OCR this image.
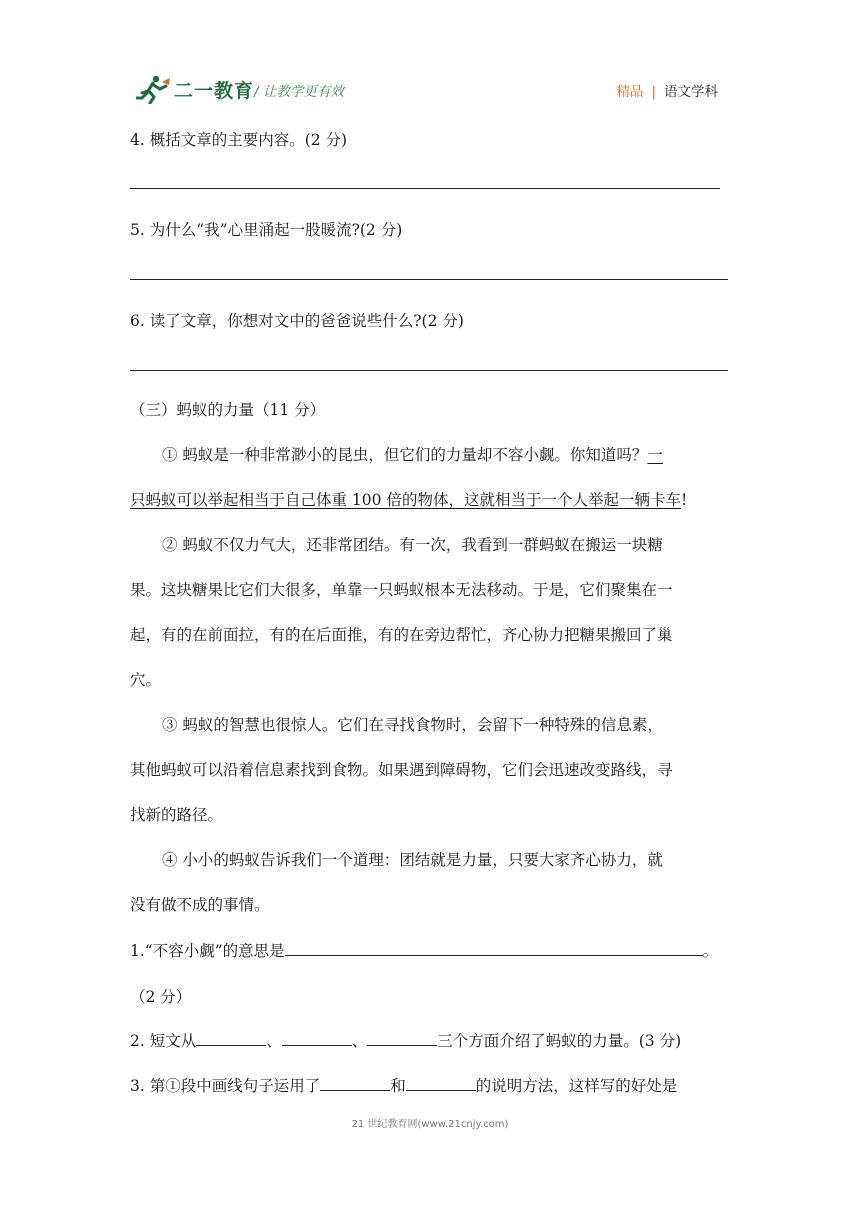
二一教育 / 让教学更有效	精品 | 语文学科
4. 概括文章的主要内容。(2 分)
5. 为什么“我”心里涌起一股暖流?(2 分)
6. 读了文章，你想对文中的爸爸说些什么?(2 分)
（三）蚂蚁的力量（11 分）
① 蚂蚁是一种非常渺小的昆虫，但它们的力量却不容小觑。你知道吗？一
只蚂蚁可以举起相当于自己体重 100 倍的物体，这就相当于一个人举起一辆卡车!
② 蚂蚁不仅力气大，还非常团结。有一次，我看到一群蚂蚁在搬运一块糖
果。这块糖果比它们大很多，单靠一只蚂蚁根本无法移动。于是，它们聚集在一
起，有的在前面拉，有的在后面推，有的在旁边帮忙，齐心协力把糖果搬回了巢
穴。
③ 蚂蚁的智慧也很惊人。它们在寻找食物时，会留下一种特殊的信息素，
其他蚂蚁可以沿着信息素找到食物。如果遇到障碍物，它们会迅速改变路线，寻
找新的路径。
④ 小小的蚂蚁告诉我们一个道理：团结就是力量，只要大家齐心协力，就
没有做不成的事情。
1.“不容小觑”的意思是	。
（2 分）
2. 短文从	、	、	三个方面介绍了蚂蚁的力量。(3 分)
3. 第①段中画线句子运用了	和	的说明方法，这样写的好处是
21 世纪教育网(www.21cnjy.com)
